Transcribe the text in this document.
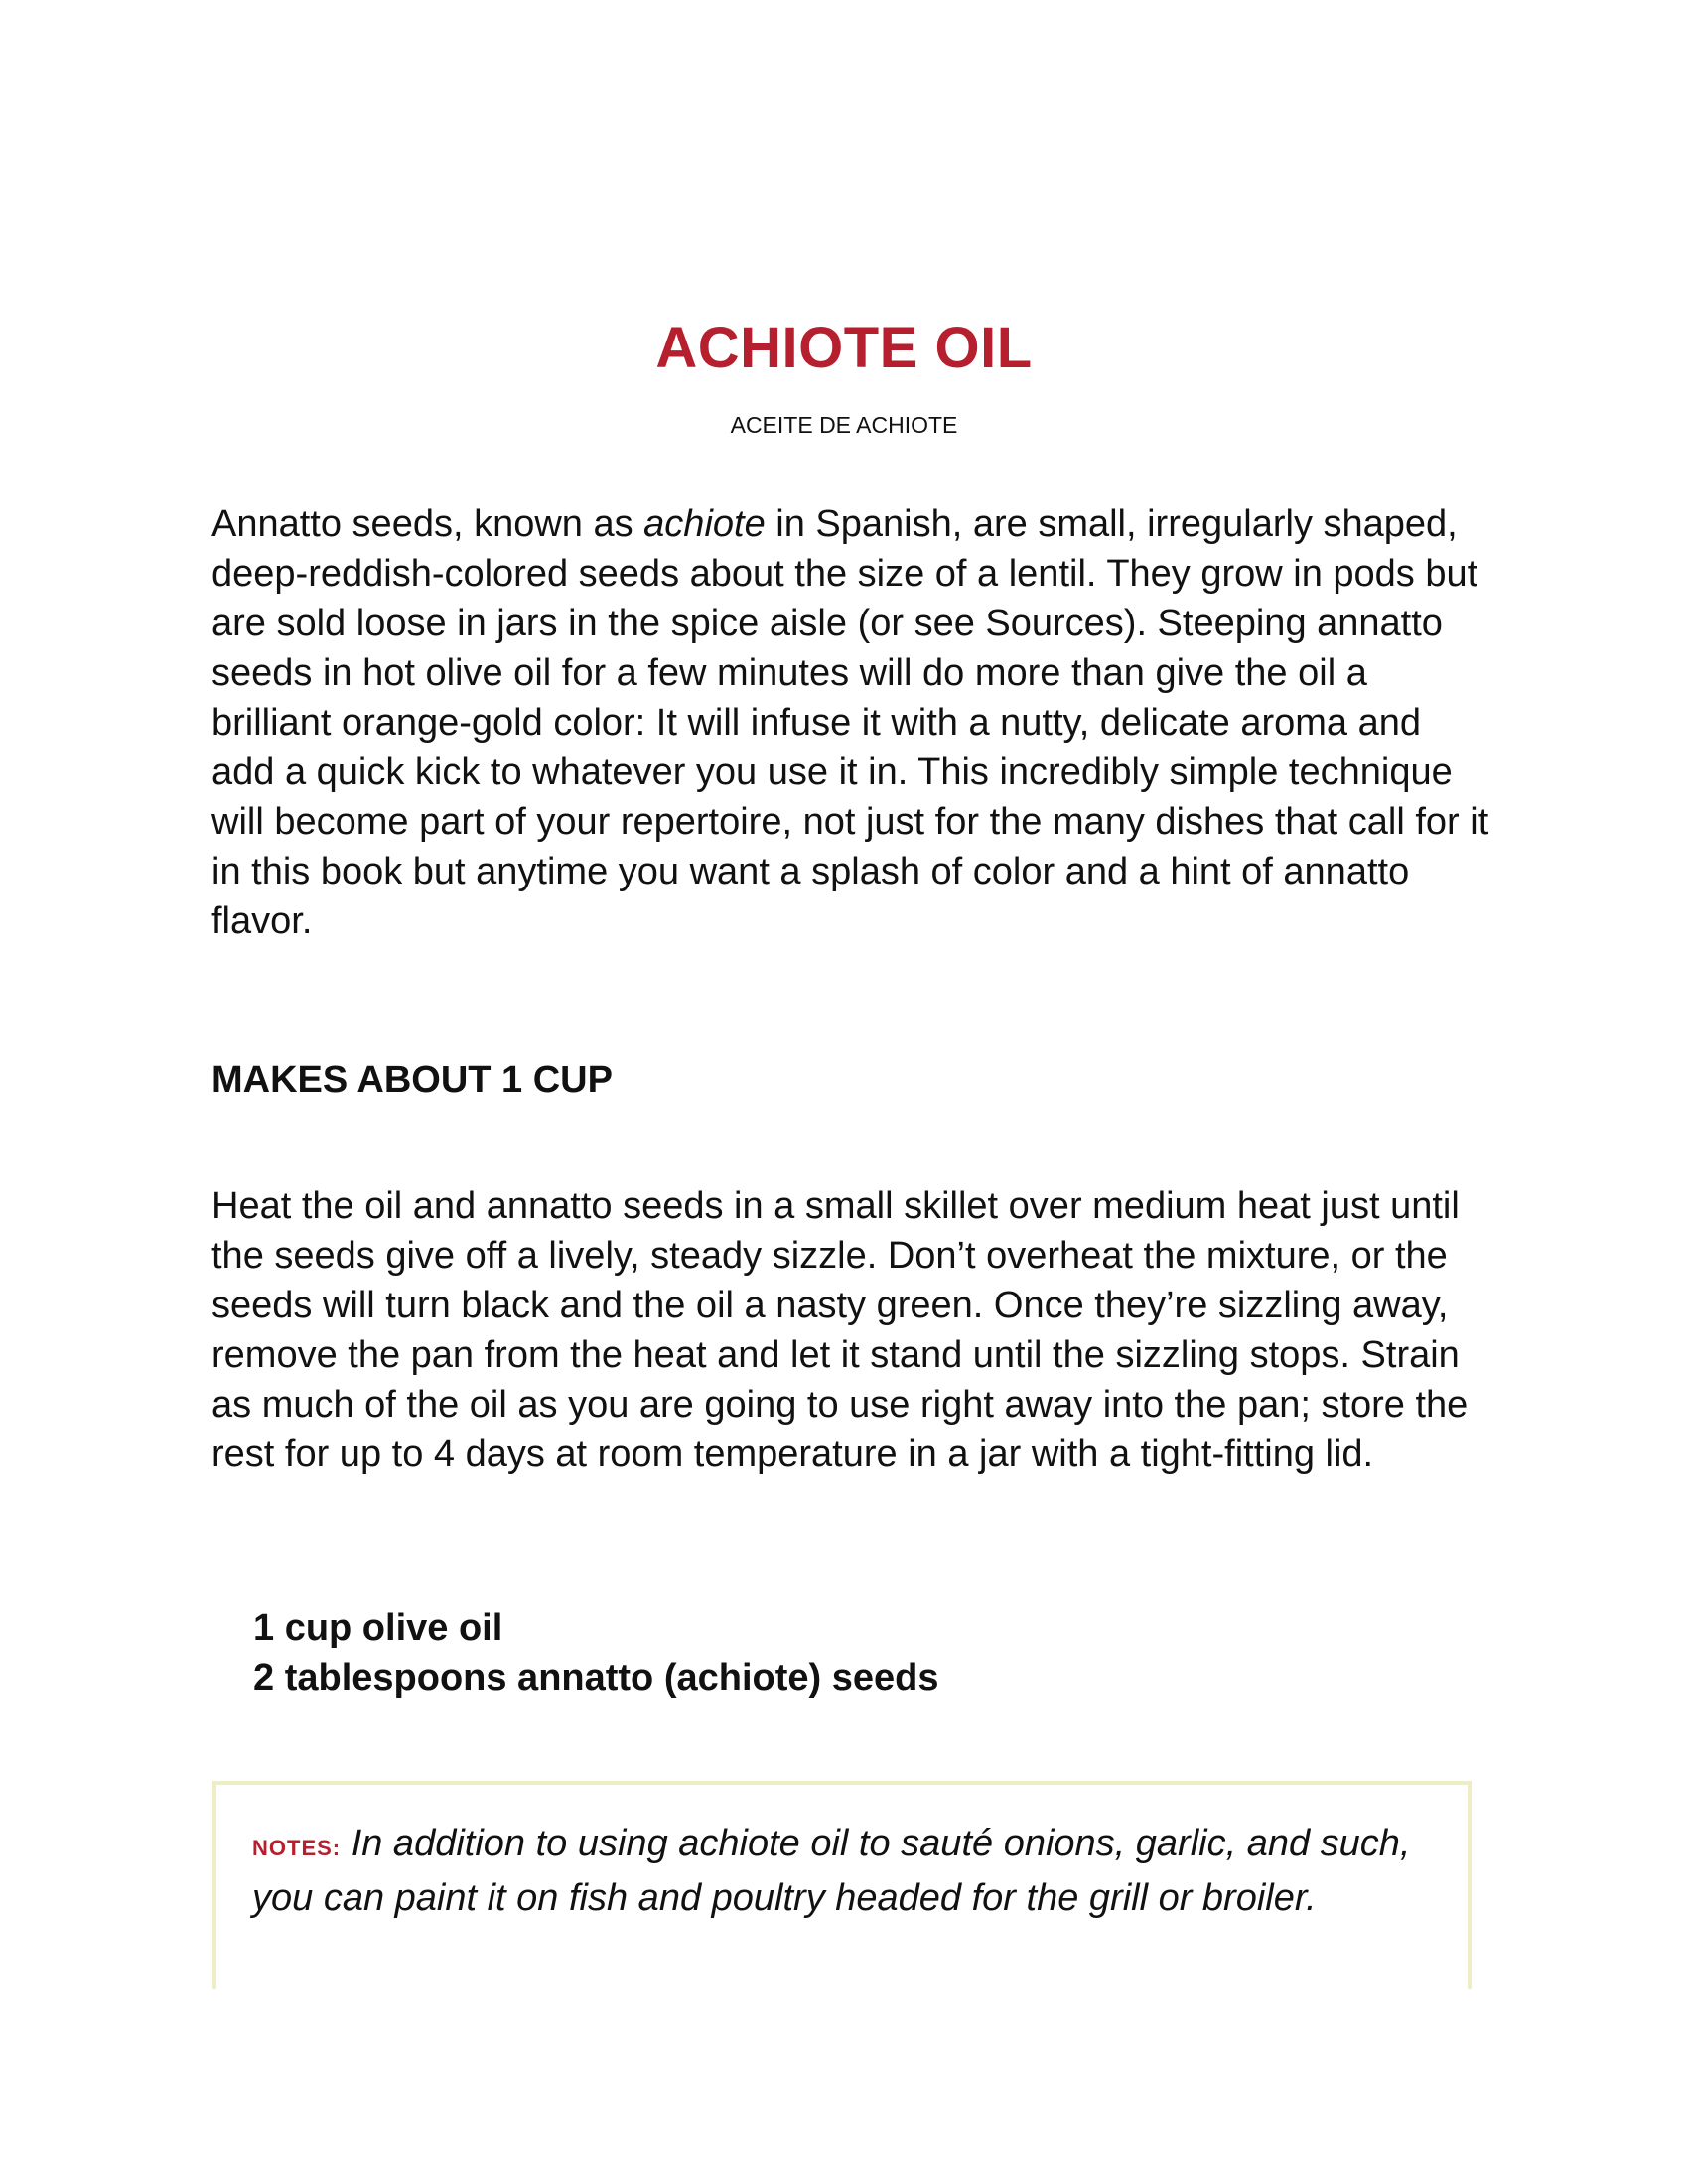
ACHIOTE OIL
ACEITE DE ACHIOTE

Annatto seeds, known as achiote in Spanish, are small, irregularly shaped, deep-reddish-colored seeds about the size of a lentil. They grow in pods but are sold loose in jars in the spice aisle (or see Sources). Steeping annatto seeds in hot olive oil for a few minutes will do more than give the oil a brilliant orange-gold color: It will infuse it with a nutty, delicate aroma and add a quick kick to whatever you use it in. This incredibly simple technique will become part of your repertoire, not just for the many dishes that call for it in this book but anytime you want a splash of color and a hint of annatto flavor.

MAKES ABOUT 1 CUP

Heat the oil and annatto seeds in a small skillet over medium heat just until the seeds give off a lively, steady sizzle. Don’t overheat the mixture, or the seeds will turn black and the oil a nasty green. Once they’re sizzling away, remove the pan from the heat and let it stand until the sizzling stops. Strain as much of the oil as you are going to use right away into the pan; store the rest for up to 4 days at room temperature in a jar with a tight-fitting lid.

1 cup olive oil
2 tablespoons annatto (achiote) seeds

NOTES: In addition to using achiote oil to sauté onions, garlic, and such, you can paint it on fish and poultry headed for the grill or broiler.
